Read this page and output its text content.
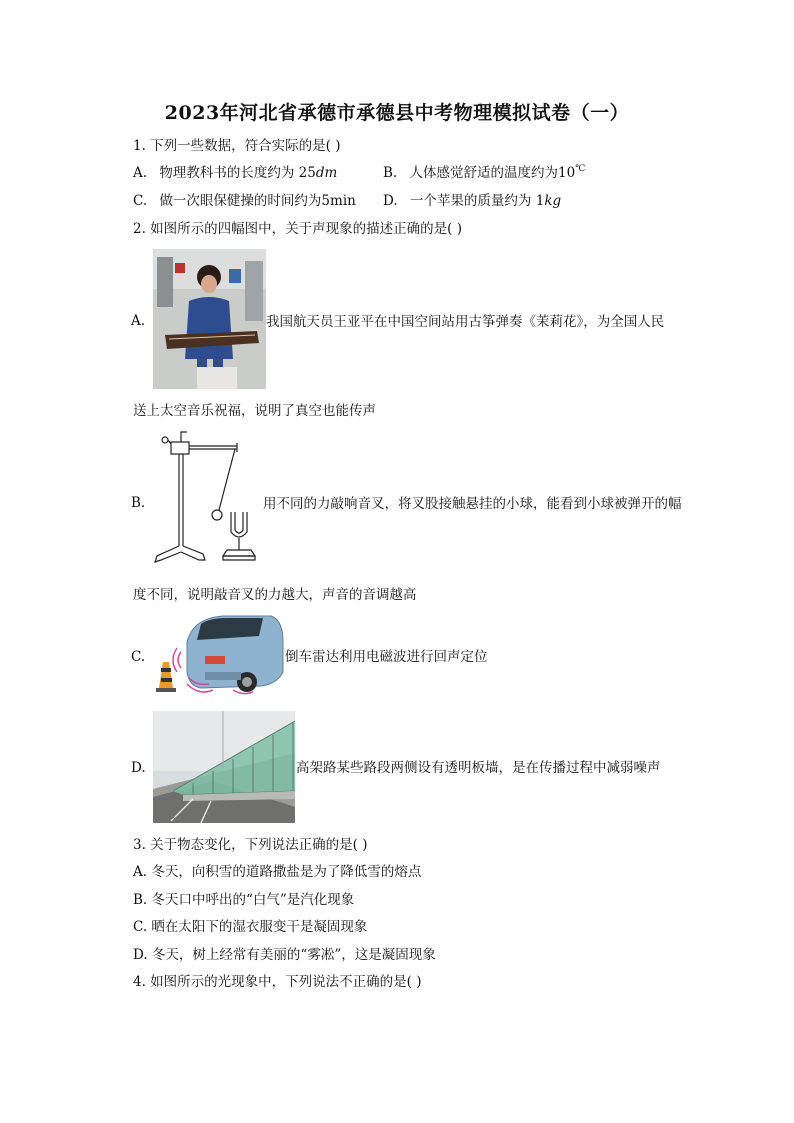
2023年河北省承德市承德县中考物理模拟试卷（一）
1. 下列一些数据，符合实际的是( )
A. 物理教科书的长度约为 25dm	B. 人体感觉舒适的温度约为10℃
C. 做一次眼保健操的时间约为5min D. 一个苹果的质量约为 1kg
2. 如图所示的四幅图中，关于声现象的描述正确的是( )
A.	我国航天员王亚平在中国空间站用古筝弹奏《茉莉花》，为全国人民
送上太空音乐祝福，说明了真空也能传声
B.	用不同的力敲响音叉，将叉股接触悬挂的小球，能看到小球被弹开的幅
度不同，说明敲音叉的力越大，声音的音调越高
C.	倒车雷达利用电磁波进行回声定位
D.	高架路某些路段两侧设有透明板墙，是在传播过程中减弱噪声
3. 关于物态变化，下列说法正确的是( )
A. 冬天，向积雪的道路撒盐是为了降低雪的熔点
B. 冬天口中呼出的“白气”是汽化现象
C. 晒在太阳下的湿衣服变干是凝固现象
D. 冬天，树上经常有美丽的“雾凇”，这是凝固现象
4. 如图所示的光现象中，下列说法不正确的是( )
